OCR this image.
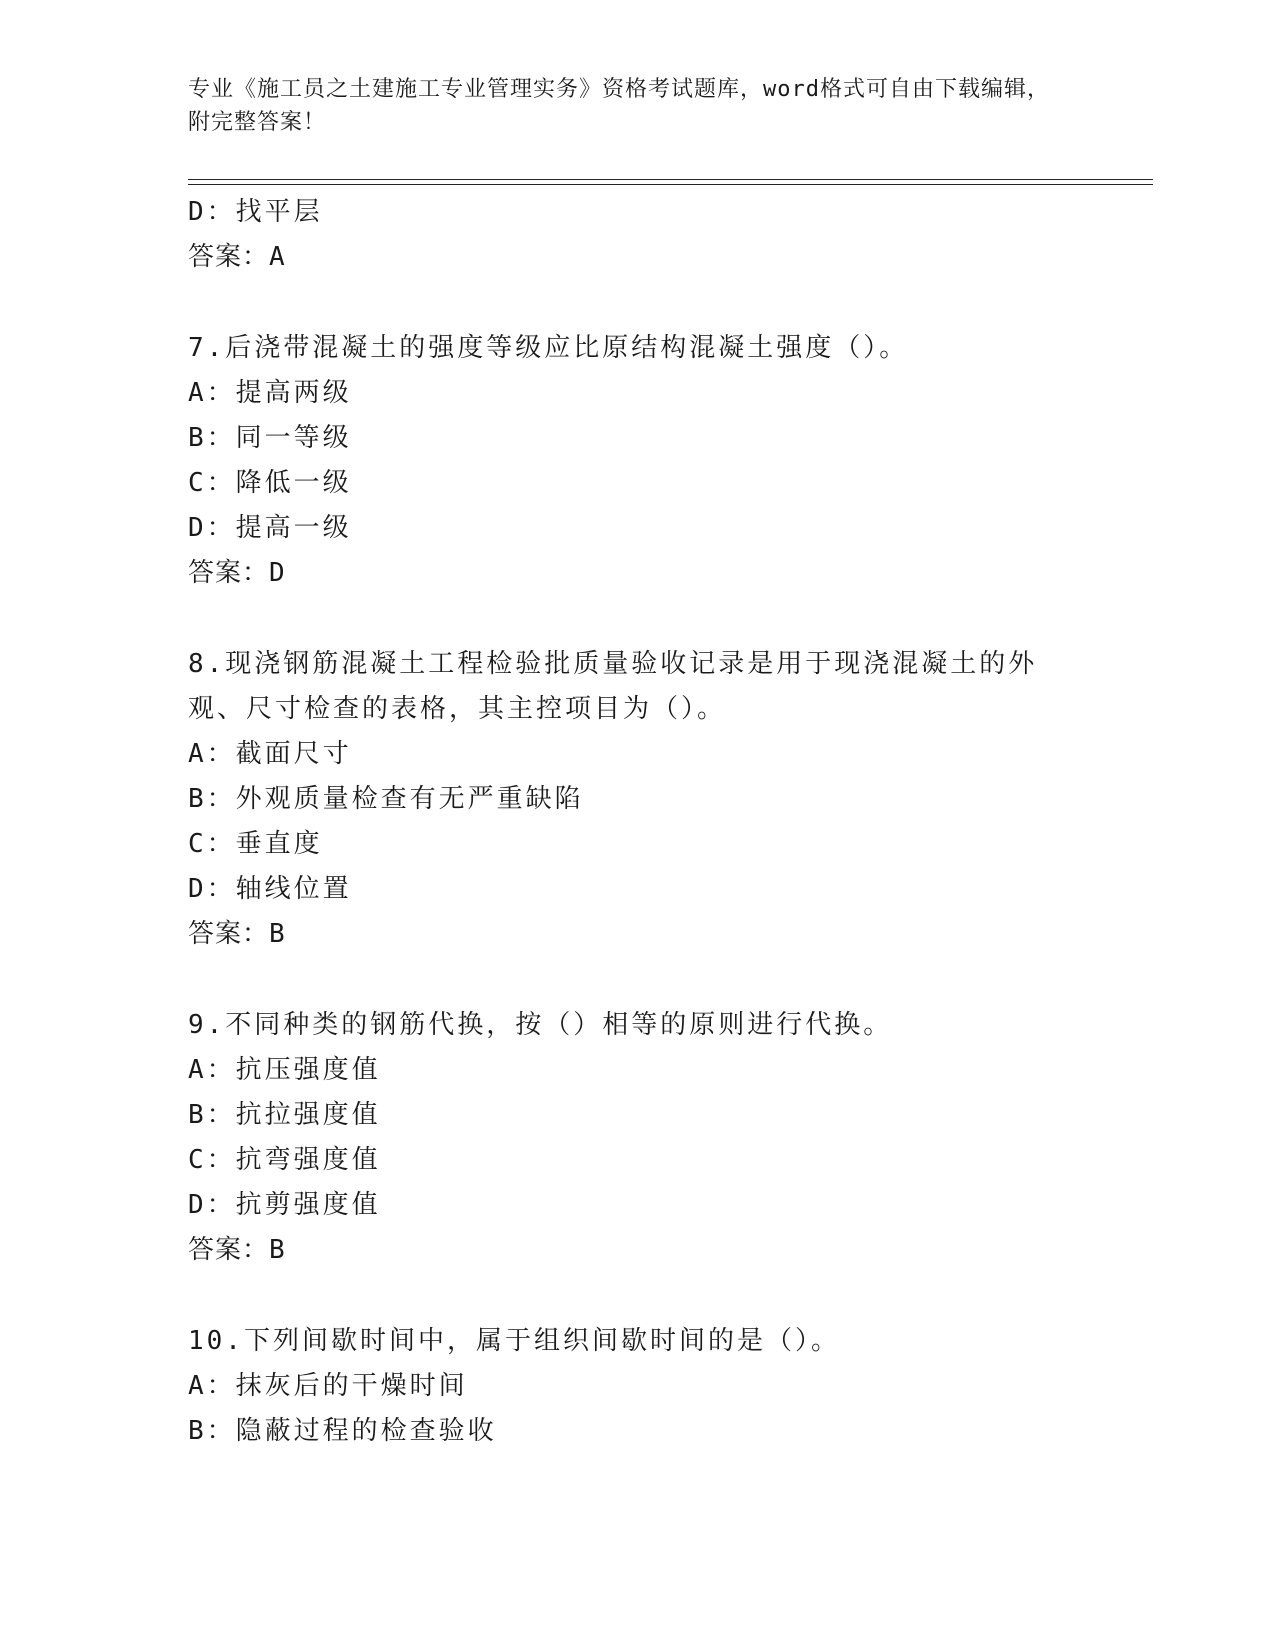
专业《施工员之土建施工专业管理实务》资格考试题库，word格式可自由下载编辑，附完整答案！
D：找平层
答案：A
7.后浇带混凝土的强度等级应比原结构混凝土强度（）。
A：提高两级
B：同一等级
C：降低一级
D：提高一级
答案：D
8.现浇钢筋混凝土工程检验批质量验收记录是用于现浇混凝土的外观、尺寸检查的表格，其主控项目为（）。
A：截面尺寸
B：外观质量检查有无严重缺陷
C：垂直度
D：轴线位置
答案：B
9.不同种类的钢筋代换，按（）相等的原则进行代换。
A：抗压强度值
B：抗拉强度值
C：抗弯强度值
D：抗剪强度值
答案：B
10.下列间歇时间中，属于组织间歇时间的是（）。
A：抹灰后的干燥时间
B：隐蔽过程的检查验收
